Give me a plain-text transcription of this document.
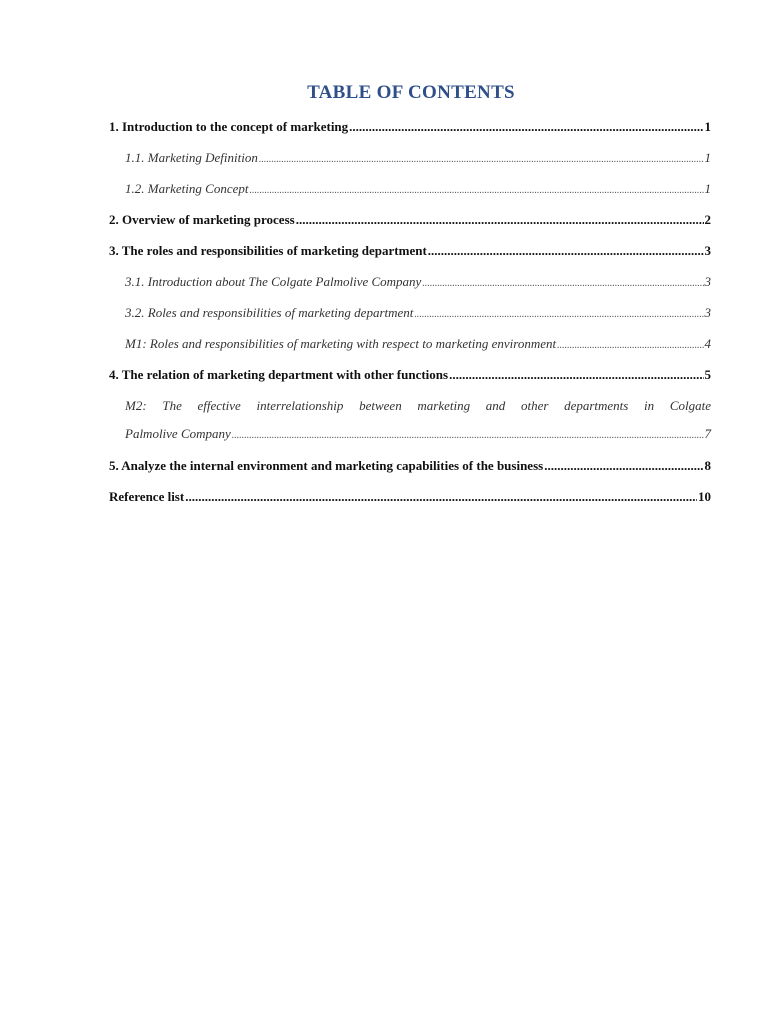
TABLE OF CONTENTS
1. Introduction to the concept of marketing .....	1
1.1. Marketing Definition .....	1
1.2. Marketing Concept .....	1
2. Overview of marketing process .....	2
3. The roles and responsibilities of marketing department .....	3
3.1. Introduction about The Colgate Palmolive Company .....	3
3.2. Roles and responsibilities of marketing department .....	3
M1: Roles and responsibilities of marketing with respect to marketing environment .....	4
4. The relation of marketing department with other functions .....	5
M2: The effective interrelationship between marketing and other departments in Colgate
Palmolive Company .....	7
5. Analyze the internal environment and marketing capabilities of the business .....	8
Reference list .....	10
